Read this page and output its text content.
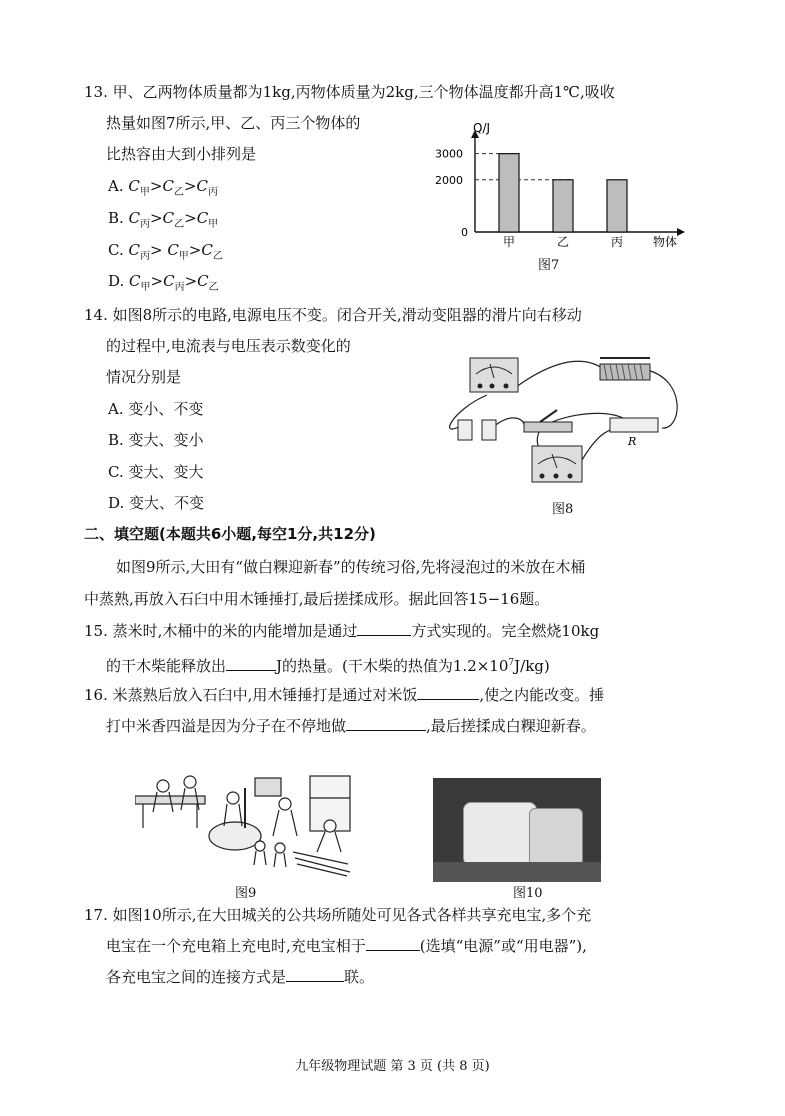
13. 甲、乙两物体质量都为1kg,丙物体质量为2kg,三个物体温度都升高1℃,吸收
热量如图7所示,甲、乙、丙三个物体的
比热容由大到小排列是
A. $C_甲>C_乙>C_丙$
B. $C_丙>C_乙>C_甲$
C. $C_丙> C_甲>C_乙$
D. $C_甲>C_丙>C_乙$
Q/J
物体
0
3000
甲
2000
乙	丙
图7
14. 如图8所示的电路,电源电压不变。闭合开关,滑动变阻器的滑片向右移动
的过程中,电流表与电压表示数变化的
情况分别是
A. 变小、不变
B. 变大、变小
C. 变大、变大
D. 变大、不变
R
图8
二、填空题(本题共6小题,每空1分,共12分)
如图9所示,大田有“做白粿迎新春”的传统习俗,先将浸泡过的米放在木桶
中蒸熟,再放入石臼中用木锤捶打,最后搓揉成形。据此回答15−16题。
15. 蒸米时,木桶中的米的内能增加是通过	方式实现的。完全燃烧10kg
的干木柴能释放出	J的热量。(干木柴的热值为$1.2\times 10^7J/kg$)
16. 米蒸熟后放入石臼中,用木锤捶打是通过对米饭	,使之内能改变。捶
打中米香四溢是因为分子在不停地做	,最后搓揉成白粿迎新春。
图9	图10
17. 如图10所示,在大田城关的公共场所随处可见各式各样共享充电宝,多个充
电宝在一个充电箱上充电时,充电宝相于	(选填“电源”或“用电器”),
各充电宝之间的连接方式是	联。
九年级物理试题 第 3 页 (共 8 页)
